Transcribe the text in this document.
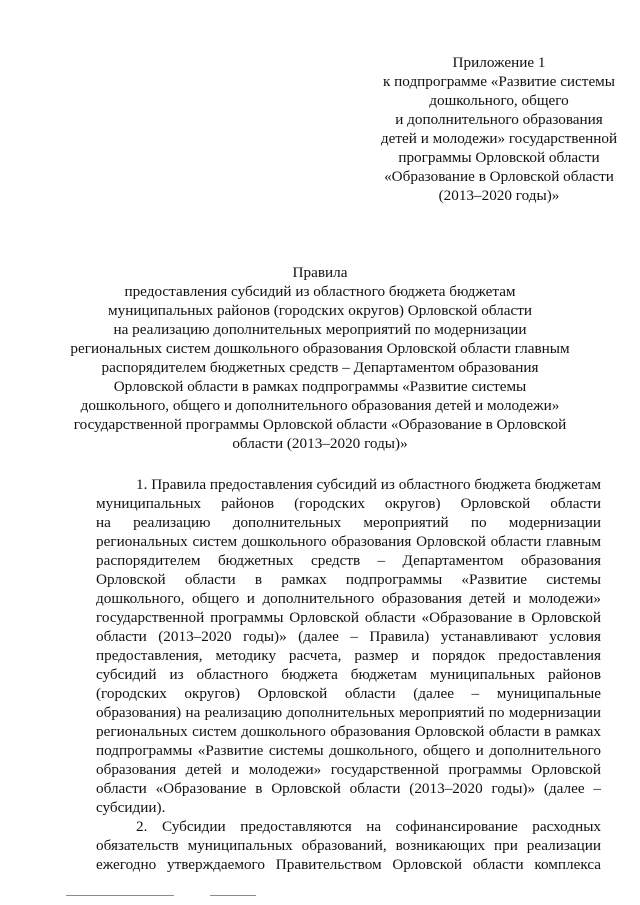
Приложение 1
к подпрограмме «Развитие системы
дошкольного, общего
и дополнительного образования
детей и молодежи» государственной
программы Орловской области
«Образование в Орловской области
(2013–2020 годы)»
Правила
предоставления субсидий из областного бюджета бюджетам
муниципальных районов (городских округов) Орловской области
на реализацию дополнительных мероприятий по модернизации
региональных систем дошкольного образования Орловской области главным
распорядителем бюджетных средств – Департаментом образования
Орловской области в рамках подпрограммы «Развитие системы
дошкольного, общего и дополнительного образования детей и молодежи»
государственной программы Орловской области «Образование в Орловской
области (2013–2020 годы)»
1. Правила предоставления субсидий из областного бюджета бюджетам
муниципальных районов (городских округов) Орловской области
на реализацию дополнительных мероприятий по модернизации
региональных систем дошкольного образования Орловской области главным
распорядителем бюджетных средств – Департаментом образования
Орловской области в рамках подпрограммы «Развитие системы
дошкольного, общего и дополнительного образования детей и молодежи»
государственной программы Орловской области «Образование в Орловской
области (2013–2020 годы)» (далее – Правила) устанавливают условия
предоставления, методику расчета, размер и порядок предоставления
субсидий из областного бюджета бюджетам муниципальных районов
(городских округов) Орловской области (далее – муниципальные
образования) на реализацию дополнительных мероприятий по модернизации
региональных систем дошкольного образования Орловской области в рамках
подпрограммы «Развитие системы дошкольного, общего и дополнительного
образования детей и молодежи» государственной программы Орловской
области «Образование в Орловской области (2013–2020 годы)» (далее –
субсидии).
2. Субсидии предоставляются на софинансирование расходных
обязательств муниципальных образований, возникающих при реализации
ежегодно утверждаемого Правительством Орловской области комплекса
